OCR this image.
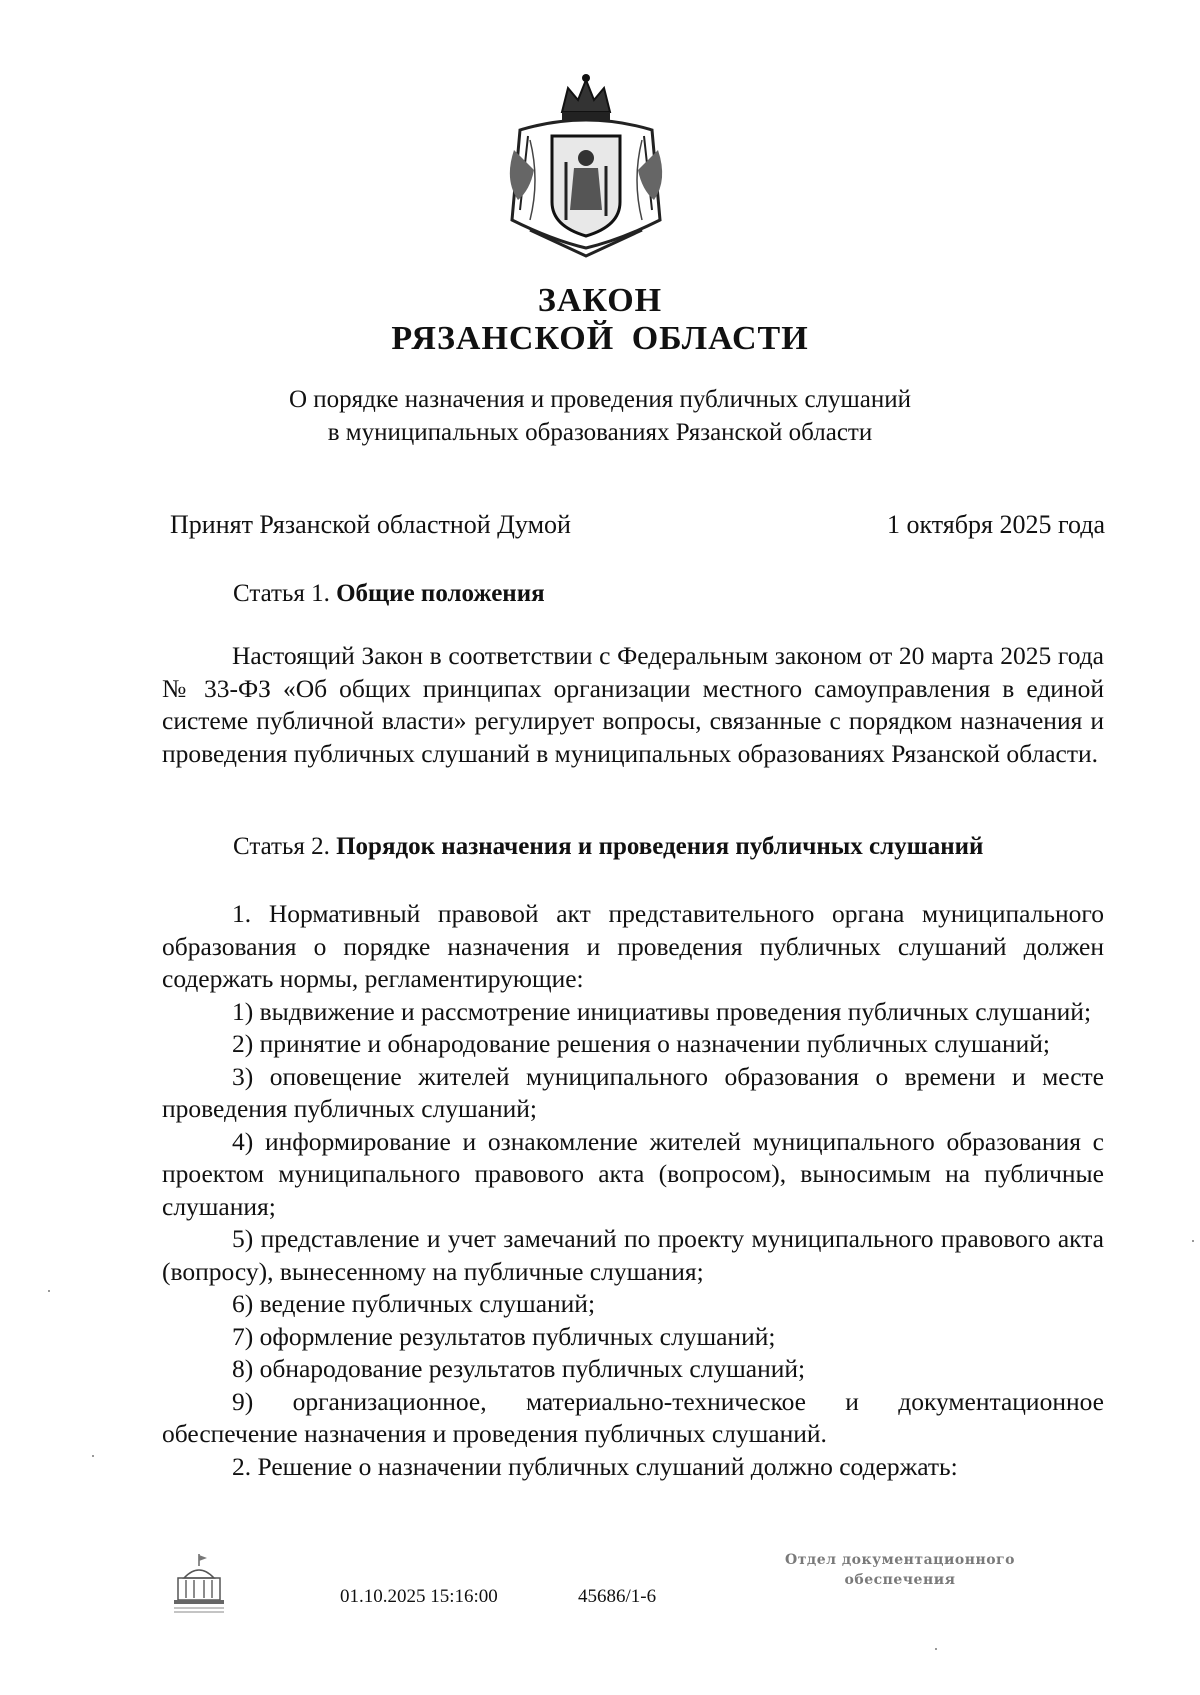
ЗАКОН
РЯЗАНСКОЙ ОБЛАСТИ
О порядке назначения и проведения публичных слушаний
в муниципальных образованиях Рязанской области
Принят Рязанской областной Думой	1 октября 2025 года
Статья 1. Общие положения

Настоящий Закон в соответствии с Федеральным законом от 20 марта 2025 года № 33-ФЗ «Об общих принципах организации местного самоуправления в единой системе публичной власти» регулирует вопросы, связанные с порядком назначения и проведения публичных слушаний в муниципальных образованиях Рязанской области.

Статья 2. Порядок назначения и проведения публичных слушаний

1. Нормативный правовой акт представительного органа муниципального образования о порядке назначения и проведения публичных слушаний должен содержать нормы, регламентирующие:

1) выдвижение и рассмотрение инициативы проведения публичных слушаний;

2) принятие и обнародование решения о назначении публичных слушаний;

3) оповещение жителей муниципального образования о времени и месте проведения публичных слушаний;

4) информирование и ознакомление жителей муниципального образования с проектом муниципального правового акта (вопросом), выносимым на публичные слушания;

5) представление и учет замечаний по проекту муниципального правового акта (вопросу), вынесенному на публичные слушания;

6) ведение публичных слушаний;

7) оформление результатов публичных слушаний;

8) обнародование результатов публичных слушаний;

9) организационное, материально-техническое и документационное обеспечение назначения и проведения публичных слушаний.

2. Решение о назначении публичных слушаний должно содержать:

Отдел документационного
обеспечения
01.10.2025 15:16:00	45686/1-6
